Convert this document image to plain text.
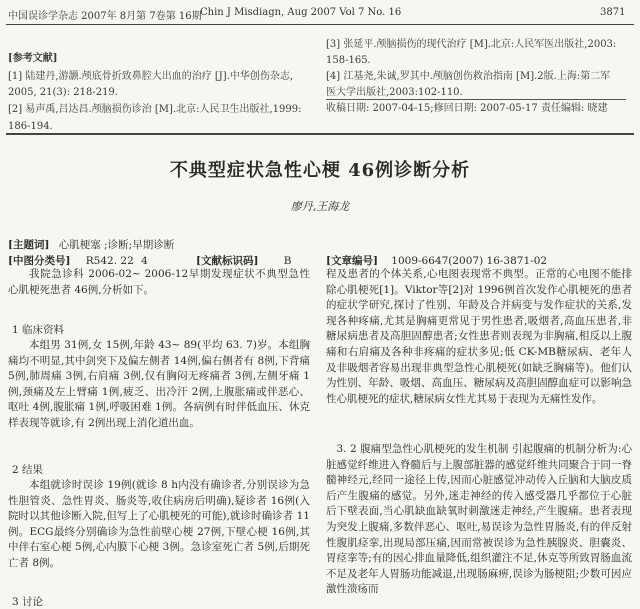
中国误诊学杂志 2007年 8月第 7卷第 16期
Chin J Misdiagn, Aug 2007 Vol 7 No. 16	3871
[参考文献]
[1] 陆建丹,游灏.颅底骨折致鼻腔大出血的治疗 [J].中华创伤杂志,
2005, 21(3): 218-219.
[2] 易声禹,吕达昌.颅脑损伤诊治 [M].北京:人民卫生出版社,1999:
186-194.
[3] 张延平.颅脑损伤的现代治疗 [M].北京:人民军医出版社,2003:
158-165.
[4] 江基尧,朱诚,罗其中.颅脑创伤救治指南 [M].2版.上海:第二军
医大学出版社,2003:102-110.
收稿日期: 2007-04-15;修回日期: 2007-05-17 责任编辑: 晓建
不典型症状急性心梗 46例诊断分析
廖丹,王海龙
[主题词] 心肌梗塞 ;诊断;早期诊断
[中图分类号] R542. 22 4	[文献标识码] B	[文章编号] 1009-6647(2007) 16-3871-02
我院急诊科 2006-02~ 2006-12早期发现症状不典型急性心肌梗死患者 46例,分析如下。
1 临床资料
本组男 31例,女 15例,年龄 43~ 89(平均 63. 7)岁。本组胸痛均不明显,其中剑突下及偏左侧者 14例,偏右侧者有 8例,下背痛 5例,肺周痛 3例,右肩痛 3例,仅有胸闷无疼痛者 3例,左侧牙痛 1例,颈痛及左上臂痛 1例,疲乏、出冷汗 2例,上腹胀痛或伴恶心、呕吐 4例,腹胀痛 1例,呼吸困难 1例。各病例有时伴低血压、休克样表现等就诊,有 2例出现上消化道出血。
2 结果
本组就诊时误诊 19例(就诊 8 h内没有确诊者,分别误诊为急性胆管炎、急性胃炎、肠炎等,收住病房后明确),疑诊者 16例(入院时以其他诊断入院,但写上了心肌梗死的可能),就诊时确诊者 11例。ECG最终分别确诊为急性前壁心梗 27例,下壁心梗 16例,其中伴右室心梗 5例,心内膜下心梗 3例。急诊室死亡者 5例,后期死亡者 8例。
3 讨论
程及患者的个体关系,心电图表现常不典型。正常的心电图不能排除心肌梗死[1]。Viktor等[2]对 1996例首次发作心肌梗死的患者的症状学研究,探讨了性别、年龄及合并病变与发作症状的关系,发现各种疼痛,尤其是胸痛更常见于男性患者,吸烟者,高血压患者,非糖尿病患者及高胆固醇患者;女性患者则表现为非胸痛,相反以上腹痛和右肩痛及各种非疼痛的症状多见;低 CK-MB糖尿病、老年人及非吸烟者容易出现非典型急性心肌梗死(如缺乏胸痛等)。他们认为性别、年龄、吸烟、高血压、糖尿病及高胆固醇血症可以影响急性心肌梗死的症状,糖尿病女性尤其易于表现为无痛性发作。
3. 2 腹痛型急性心肌梗死的发生机制 引起腹痛的机制分析为:心脏感觉纤维进入脊髓后与上腹部脏器的感觉纤维共同聚合于同一脊髓神经元,经同一途径上传,因而心脏感觉冲动传入丘脑和大脑皮质后产生腹痛的感觉。另外,迷走神经的传入感受器几乎都位于心脏后下壁表面,当心肌缺血缺氧时刺激迷走神经,产生腹痛。患者表现为突发上腹痛,多数伴恶心、呕吐,易误诊为急性胃肠炎,有的伴反射性腹肌痉挛,出现局部压痛,因而常被误诊为急性胰腺炎、胆囊炎、胃痉挛等;有的因心排血量降低,组织灌注不足,休克等所致胃肠血流不足及老年人胃肠功能减退,出现肠麻痹,误诊为肠梗阻;少数可因应激性溃疡而
